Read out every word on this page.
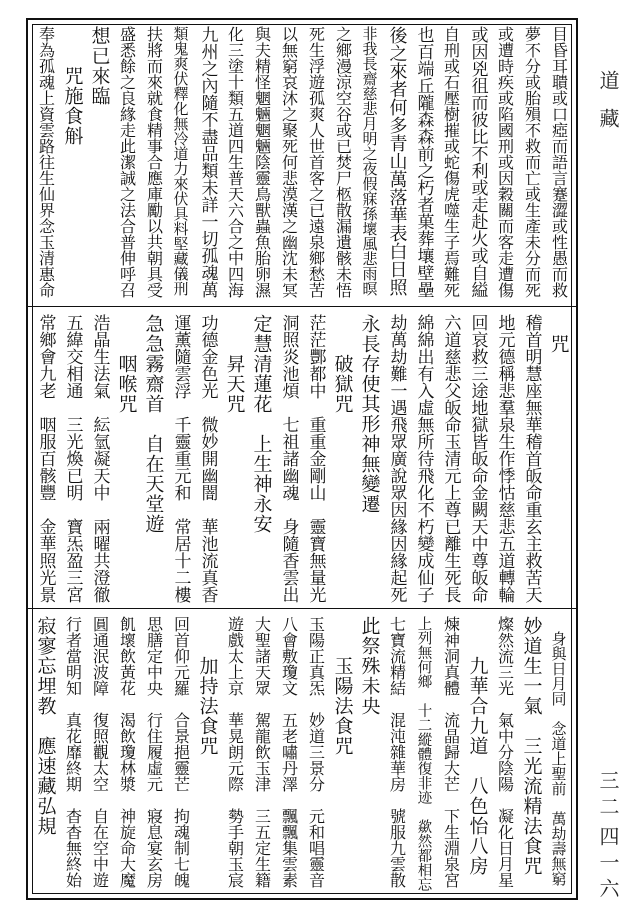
目昏耳聵或口瘂而語言蹇澀或性愚而救
夢不分或胎殞不救而亡或生產未分而死
或遭時疾或陷國刑或因穀關而客走遭傷
或因兇徂而彼比不利或走赴火或自縊
自刑或石壓樹摧或蛇傷虎噬生子焉難死
也百端丘隴森森前之朽者菓葬壤壁壘
後之來者何多青山萬落華表白日照
非我長齋慈悲月明之夜假寐孫壞風悲雨暝
之鄉漫涼空谷或已焚尸柩散漏遺骸未悟
死生浮遊孤爽人世首客之已遠泉鄉愁苦
以無窮哀沐之聚死何悲漠漢之幽沈未冥
與夫精怪魍魎魍魎陰靈鳥獸蟲魚胎卵濕
化三塗十類五道四生普天六合之中四海
九州之內隨不盡品類未詳一切孤魂萬
類鬼爽伏釋化無冷道力來伏具料堅藏儀刑
扶將而來就食精事合應庫勵以共朝具受
盛悉餘之良緣走此潔誠之法合普伸呼召
想已來臨
　　咒施食斛
奉為孤魂上資雲路往生仙界念玉清惠命
　咒
稽首明慧座無華稽首皈命重玄主救苦天
地元德稱悲羣泉生作悸怙慈悲五道轉輪
回哀救三途地獄皆皈命金闕天中尊皈命
六道慈悲父皈命玉清元上尊已離生死長
綿綿出有入虛無所待飛化不朽變成仙子
劫萬劫難一遇飛眾廣說眾因緣因緣起死
永長存使其形神無變遷
　　破獄咒
茫茫酆都中　重重金剛山　靈寶無量光
洞照炎池煩　七祖諸幽魂　身隨香雲出
定慧清蓮花　上生神永安
　　昇天咒
功德金色光　微妙開幽闇　華池流真香
運薰隨雲浮　千靈重元和　常居十二樓
急急霧齋首　自在天堂遊
　　咽喉咒
浩晶生法氣　紜氫凝天中　兩曜共澄徹
五緯交相通　三光煥已明　寶炁盈三宮
常鄉會九老　咽服百骸豐　金華照光景
　身與日月同　念道上聖前　萬劫壽無窮
妙道生一氣　三光流精法食咒
燦然流三光　氣中分陰陽　凝化日月星
　　九華合九道　八色怡八房
煉神洞真體　流晶歸大芒　下生淵泉宮
上列無何鄉　十二縱體復非迹　歘然都相忘
七寶流精結　混沌雜華房　號服九雲散
此祭殊未央
　　玉陽法食咒
玉陽正真炁　妙道三景分　元和唱靈音
八會敷瓊文　五老嘯丹澤　飄飄集雲素
大聖諸天眾　駕龍飲玉津　三五定生籍
遊戲太上京　華晃朗元際　勢手朝玉宸
　　加持法食咒
回首仰元羅　合景挹靈芒　拘魂制七魄
思膳定中央　行住履虛元　寢息宴玄房
飢壞飲黃花　渴飲瓊林漿　神旋命大魔
圓通泯波障　復照觀太空　自在空中遊
行者當明知　真花靡終期　杳杳無終始
寂寥忘埋教　應速藏弘規
道
藏
三二
四一六
